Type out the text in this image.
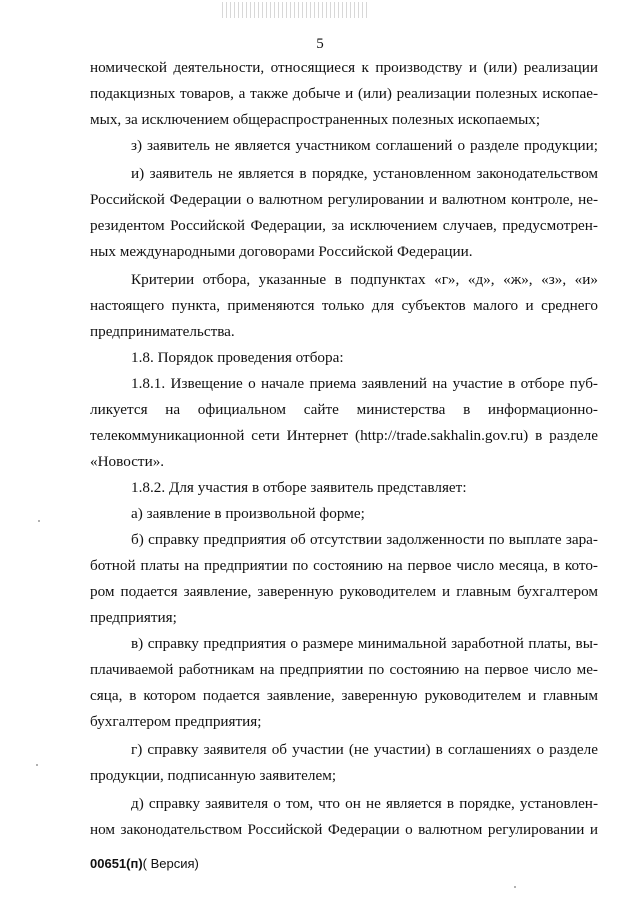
5
номической деятельности, относящиеся к производству и (или) реализации
подакцизных товаров, а также добыче и (или) реализации полезных ископае-
мых, за исключением общераспространенных полезных ископаемых;
з) заявитель не является участником соглашений о разделе продукции;
и) заявитель не является в порядке, установленном законодательством
Российской Федерации о валютном регулировании и валютном контроле, не-
резидентом Российской Федерации, за исключением случаев, предусмотрен-
ных международными договорами Российской Федерации.
Критерии отбора, указанные в подпунктах «г», «д», «ж», «з», «и»
настоящего пункта, применяются только для субъектов малого и среднего
предпринимательства.
1.8. Порядок проведения отбора:
1.8.1. Извещение о начале приема заявлений на участие в отборе пуб-
ликуется на официальном сайте министерства в информационно-
телекоммуникационной сети Интернет (http://trade.sakhalin.gov.ru) в разделе
«Новости».
1.8.2. Для участия в отборе заявитель представляет:
а) заявление в произвольной форме;
б) справку предприятия об отсутствии задолженности по выплате зара-
ботной платы на предприятии по состоянию на первое число месяца, в кото-
ром подается заявление, заверенную руководителем и главным бухгалтером
предприятия;
в) справку предприятия о размере минимальной заработной платы, вы-
плачиваемой работникам на предприятии по состоянию на первое число ме-
сяца, в котором подается заявление, заверенную руководителем и главным
бухгалтером предприятия;
г) справку заявителя об участии (не участии) в соглашениях о разделе
продукции, подписанную заявителем;
д) справку заявителя о том, что он не является в порядке, установлен-
ном законодательством Российской Федерации о валютном регулировании и
00651(п)( Версия)
